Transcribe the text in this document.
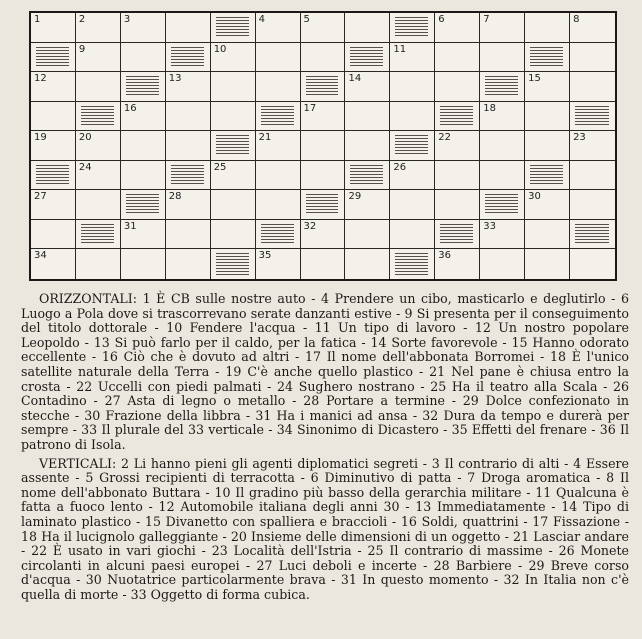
1	2	3	4	5	6	7	8
9	10	11
12	13	14	15
16	17	18
19	20	21	22	23
24	25	26
27	28	29	30
31	32	33
34	35	36

ORIZZONTALI: 1 È CB sulle nostre auto - 4 Prendere un cibo, masticarlo e deglutirlo - 6 Luogo a Pola dove si trascorrevano serate danzanti estive - 9 Si presenta per il conseguimento del titolo dottorale - 10 Fendere l'acqua - 11 Un tipo di lavoro - 12 Un nostro popolare Leopoldo - 13 Si può farlo per il caldo, per la fatica - 14 Sorte favorevole - 15 Hanno odorato eccellente - 16 Ciò che è dovuto ad altri - 17 Il nome dell'abbonata Borromei - 18 È l'unico satellite naturale della Terra - 19 C'è anche quello plastico - 21 Nel pane è chiusa entro la crosta - 22 Uccelli con piedi palmati - 24 Sughero nostrano - 25 Ha il teatro alla Scala - 26 Contadino - 27 Asta di legno o metallo - 28 Portare a termine - 29 Dolce confezionato in stecche - 30 Frazione della libbra - 31 Ha i manici ad ansa - 32 Dura da tempo e durerà per sempre - 33 Il plurale del 33 verticale - 34 Sinonimo di Dicastero - 35 Effetti del frenare - 36 Il patrono di Isola.

VERTICALI: 2 Li hanno pieni gli agenti diplomatici segreti - 3 Il contrario di alti - 4 Essere assente - 5 Grossi recipienti di terracotta - 6 Diminutivo di patta - 7 Droga aromatica - 8 Il nome dell'abbonato Buttara - 10 Il gradino più basso della gerarchia militare - 11 Qualcuna è fatta a fuoco lento - 12 Automobile italiana degli anni 30 - 13 Immediatamente - 14 Tipo di laminato plastico - 15 Divanetto con spalliera e braccioli - 16 Soldi, quattrini - 17 Fissazione - 18 Ha il lucignolo galleggiante - 20 Insieme delle dimensioni di un oggetto - 21 Lasciar andare - 22 È usato in vari giochi - 23 Località dell'Istria - 25 Il contrario di massime - 26 Monete circolanti in alcuni paesi europei - 27 Luci deboli e incerte - 28 Barbiere - 29 Breve corso d'acqua - 30 Nuotatrice particolarmente brava - 31 In questo momento - 32 In Italia non c'è quella di morte - 33 Oggetto di forma cubica.
